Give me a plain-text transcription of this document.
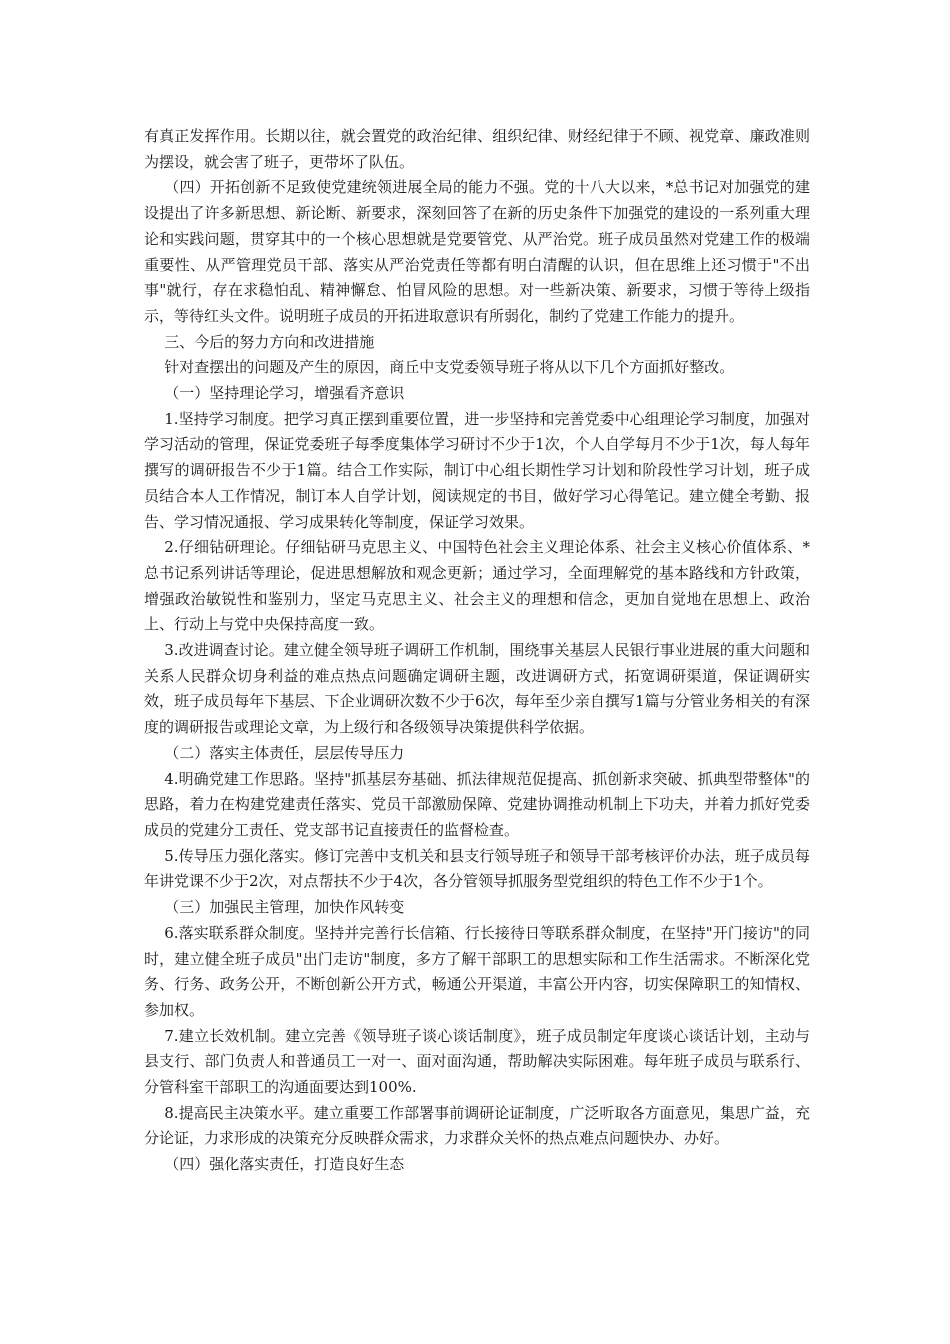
有真正发挥作用。长期以往，就会置党的政治纪律、组织纪律、财经纪律于不顾、视党章、廉政准则为摆设，就会害了班子，更带坏了队伍。

（四）开拓创新不足致使党建统领进展全局的能力不强。党的十八大以来，*总书记对加强党的建设提出了许多新思想、新论断、新要求，深刻回答了在新的历史条件下加强党的建设的一系列重大理论和实践问题，贯穿其中的一个核心思想就是党要管党、从严治党。班子成员虽然对党建工作的极端重要性、从严管理党员干部、落实从严治党责任等都有明白清醒的认识，但在思维上还习惯于"不出事"就行，存在求稳怕乱、精神懈怠、怕冒风险的思想。对一些新决策、新要求，习惯于等待上级指示，等待红头文件。说明班子成员的开拓进取意识有所弱化，制约了党建工作能力的提升。

三、今后的努力方向和改进措施

针对查摆出的问题及产生的原因，商丘中支党委领导班子将从以下几个方面抓好整改。

（一）坚持理论学习，增强看齐意识

1.坚持学习制度。把学习真正摆到重要位置，进一步坚持和完善党委中心组理论学习制度，加强对学习活动的管理，保证党委班子每季度集体学习研讨不少于1次，个人自学每月不少于1次，每人每年撰写的调研报告不少于1篇。结合工作实际，制订中心组长期性学习计划和阶段性学习计划，班子成员结合本人工作情况，制订本人自学计划，阅读规定的书目，做好学习心得笔记。建立健全考勤、报告、学习情况通报、学习成果转化等制度，保证学习效果。

2.仔细钻研理论。仔细钻研马克思主义、中国特色社会主义理论体系、社会主义核心价值体系、*总书记系列讲话等理论，促进思想解放和观念更新；通过学习，全面理解党的基本路线和方针政策，增强政治敏锐性和鉴别力，坚定马克思主义、社会主义的理想和信念，更加自觉地在思想上、政治上、行动上与党中央保持高度一致。

3.改进调查讨论。建立健全领导班子调研工作机制，围绕事关基层人民银行事业进展的重大问题和关系人民群众切身利益的难点热点问题确定调研主题，改进调研方式，拓宽调研渠道，保证调研实效，班子成员每年下基层、下企业调研次数不少于6次，每年至少亲自撰写1篇与分管业务相关的有深度的调研报告或理论文章，为上级行和各级领导决策提供科学依据。

（二）落实主体责任，层层传导压力

4.明确党建工作思路。坚持"抓基层夯基础、抓法律规范促提高、抓创新求突破、抓典型带整体"的思路，着力在构建党建责任落实、党员干部激励保障、党建协调推动机制上下功夫，并着力抓好党委成员的党建分工责任、党支部书记直接责任的监督检查。

5.传导压力强化落实。修订完善中支机关和县支行领导班子和领导干部考核评价办法，班子成员每年讲党课不少于2次，对点帮扶不少于4次，各分管领导抓服务型党组织的特色工作不少于1个。

（三）加强民主管理，加快作风转变

6.落实联系群众制度。坚持并完善行长信箱、行长接待日等联系群众制度，在坚持"开门接访"的同时，建立健全班子成员"出门走访"制度，多方了解干部职工的思想实际和工作生活需求。不断深化党务、行务、政务公开，不断创新公开方式，畅通公开渠道，丰富公开内容，切实保障职工的知情权、参加权。

7.建立长效机制。建立完善《领导班子谈心谈话制度》，班子成员制定年度谈心谈话计划，主动与县支行、部门负责人和普通员工一对一、面对面沟通，帮助解决实际困难。每年班子成员与联系行、分管科室干部职工的沟通面要达到100%.

8.提高民主决策水平。建立重要工作部署事前调研论证制度，广泛听取各方面意见，集思广益，充分论证，力求形成的决策充分反映群众需求，力求群众关怀的热点难点问题快办、办好。

（四）强化落实责任，打造良好生态
